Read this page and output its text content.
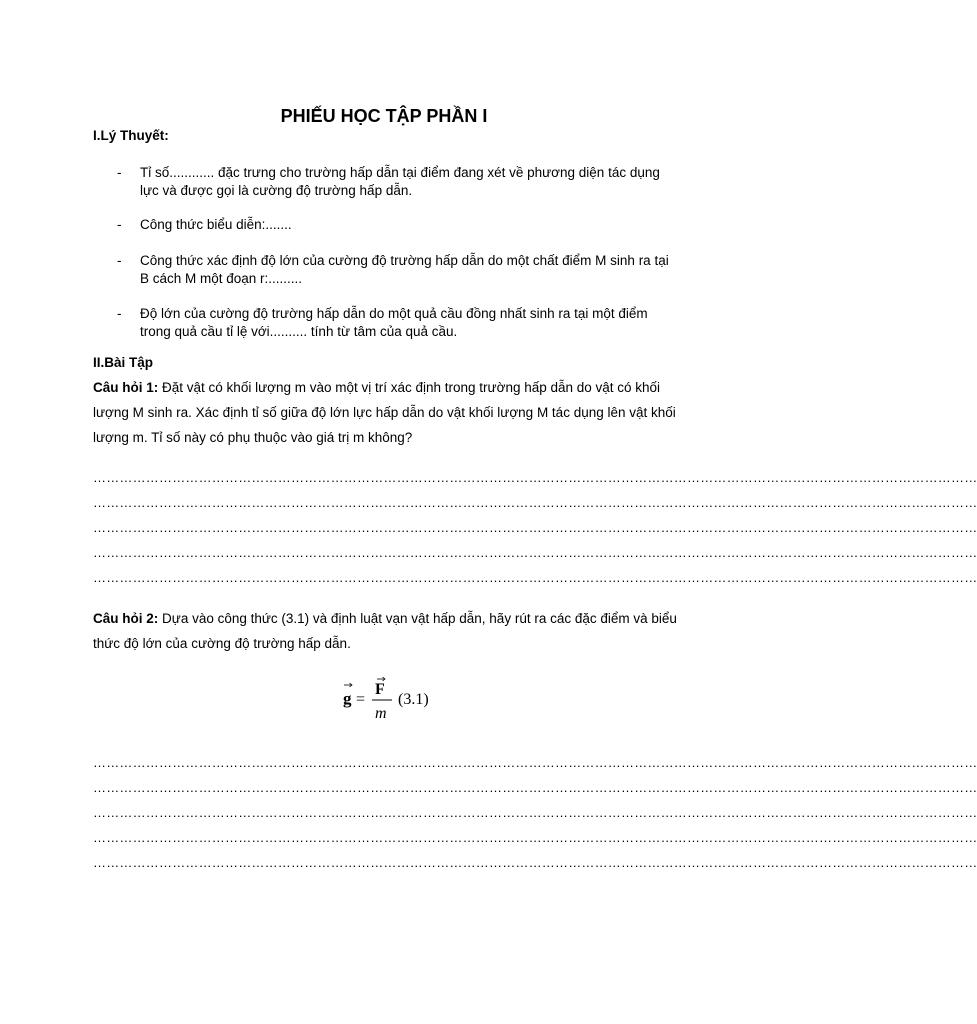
PHIẾU HỌC TẬP PHẦN I
I.Lý Thuyết:
- Tỉ số............ đặc trưng cho trường hấp dẫn tại điểm đang xét về phương diện tác dụng lực và được gọi là cường độ trường hấp dẫn.
- Công thức biểu diễn:.......
- Công thức xác định độ lớn của cường độ trường hấp dẫn do một chất điểm M sinh ra tại B cách M một đoạn r:.........
- Độ lớn của cường độ trường hấp dẫn do một quả cầu đồng nhất sinh ra tại một điểm trong quả cầu tỉ lệ với.......... tính từ tâm của quả cầu.
II.Bài Tập
Câu hỏi 1: Đặt vật có khối lượng m vào một vị trí xác định trong trường hấp dẫn do vật có khối lượng M sinh ra. Xác định tỉ số giữa độ lớn lực hấp dẫn do vật khối lượng M tác dụng lên vật khối lượng m. Tỉ số này có phụ thuộc vào giá trị m không?
…………………………………………………………………………………………………………………………………………………………………………………
…………………………………………………………………………………………………………………………………………………………………………………
…………………………………………………………………………………………………………………………………………………………………………………
…………………………………………………………………………………………………………………………………………………………………………………
…………………………………………………………………………………………………………………………………………………………………………………
Câu hỏi 2: Dựa vào công thức (3.1) và định luật vạn vật hấp dẫn, hãy rút ra các đặc điểm và biểu thức độ lớn của cường độ trường hấp dẫn.
g =
F
m
(3.1)
…………………………………………………………………………………………………………………………………………………………………………………
…………………………………………………………………………………………………………………………………………………………………………………
…………………………………………………………………………………………………………………………………………………………………………………
…………………………………………………………………………………………………………………………………………………………………………………
…………………………………………………………………………………………………………………………………………………………………………………
